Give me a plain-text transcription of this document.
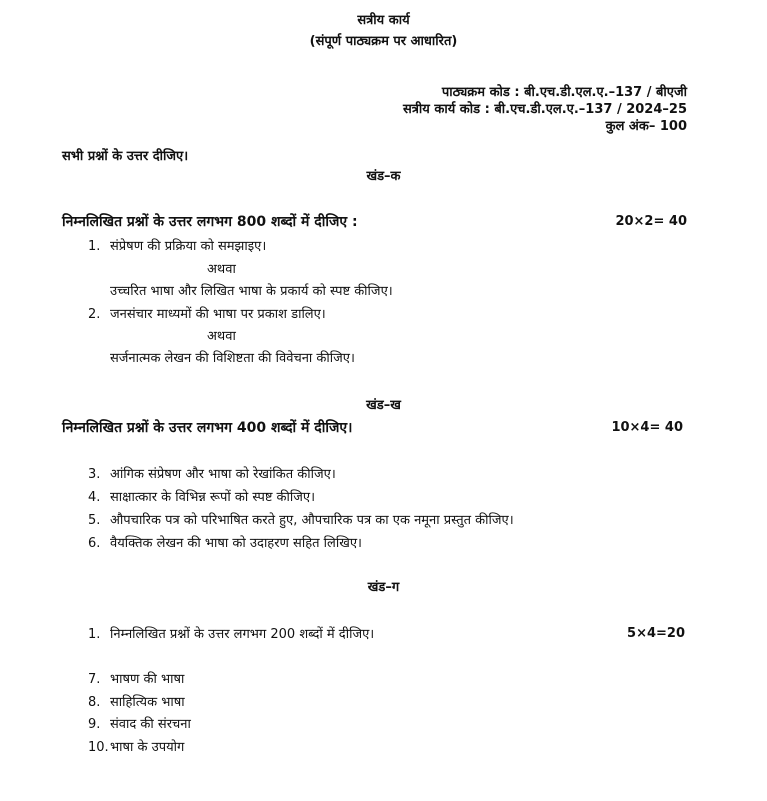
सत्रीय कार्य
(संपूर्ण पाठ्यक्रम पर आधारित)
पाठ्यक्रम कोड : बी.एच.डी.एल.ए.–137 / बीएजी
सत्रीय कार्य कोड : बी.एच.डी.एल.ए.–137 / 2024–25
कुल अंक– 100
सभी प्रश्नों के उत्तर दीजिए।
खंड–क
निम्नलिखित प्रश्नों के उत्तर लगभग 800 शब्दों में दीजिए :	20×2= 40
1. संप्रेषण की प्रक्रिया को समझाइए।
अथवा
उच्चरित भाषा और लिखित भाषा के प्रकार्य को स्पष्ट कीजिए।
2. जनसंचार माध्यमों की भाषा पर प्रकाश डालिए।
अथवा
सर्जनात्मक लेखन की विशिष्टता की विवेचना कीजिए।
खंड–ख
निम्नलिखित प्रश्नों के उत्तर लगभग 400 शब्दों में दीजिए।	10×4= 40
3. आंगिक संप्रेषण और भाषा को रेखांकित कीजिए।
4. साक्षात्कार के विभिन्न रूपों को स्पष्ट कीजिए।
5. औपचारिक पत्र को परिभाषित करते हुए, औपचारिक पत्र का एक नमूना प्रस्तुत कीजिए।
6. वैयक्तिक लेखन की भाषा को उदाहरण सहित लिखिए।
खंड–ग
1. निम्नलिखित प्रश्नों के उत्तर लगभग 200 शब्दों में दीजिए।	5×4=20
7. भाषण की भाषा
8. साहित्यिक भाषा
9. संवाद की संरचना
10.भाषा के उपयोग
